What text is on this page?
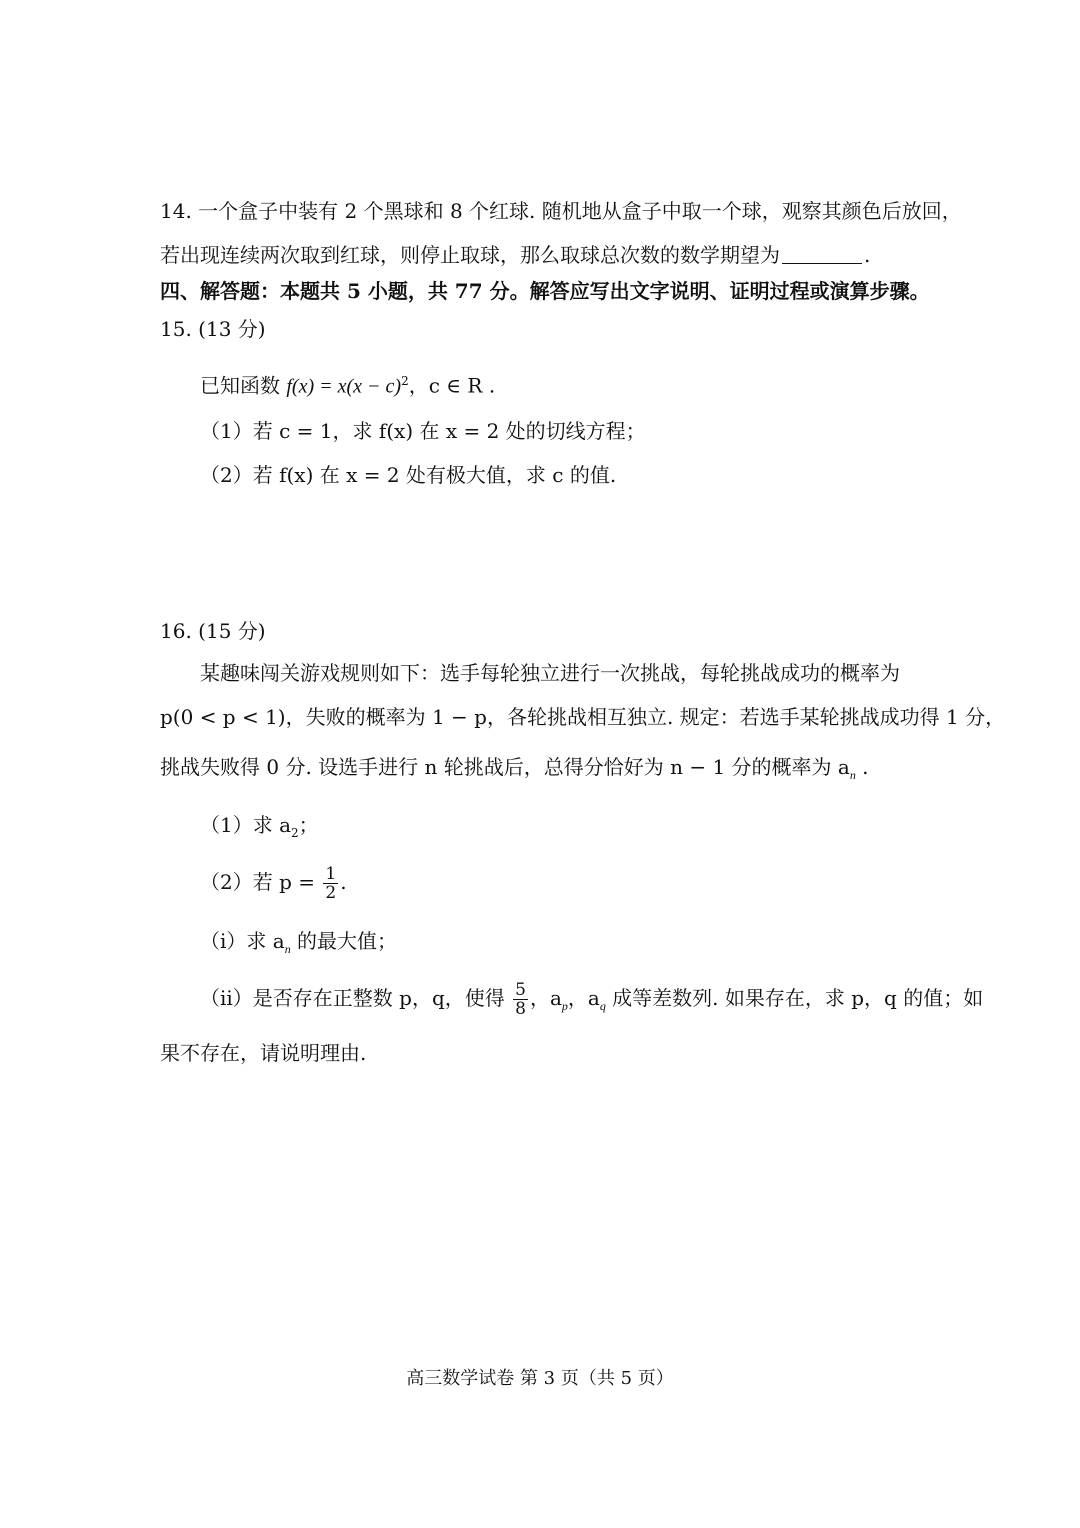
14. 一个盒子中装有 2 个黑球和 8 个红球. 随机地从盒子中取一个球，观察其颜色后放回，
若出现连续两次取到红球，则停止取球，那么取球总次数的数学期望为	.
四、解答题：本题共 5 小题，共 77 分。解答应写出文字说明、证明过程或演算步骤。
15. (13 分)
已知函数 $f(x) = x(x - c)^2$，c ∈ R .
（1）若 c = 1，求 f(x) 在 x = 2 处的切线方程；
（2）若 f(x) 在 x = 2 处有极大值，求 c 的值.
16. (15 分)
某趣味闯关游戏规则如下：选手每轮独立进行一次挑战，每轮挑战成功的概率为
p(0 < p < 1)，失败的概率为 1 − p，各轮挑战相互独立. 规定：若选手某轮挑战成功得 1 分，
挑战失败得 0 分. 设选手进行 n 轮挑战后，总得分恰好为 n − 1 分的概率为 $a_n$ .
（1）求 $a_2$；
（2）若 $p = \frac{1}{2}$ .
（i）求 $a_n$ 的最大值；
（ii）是否存在正整数 p，q，使得 $\frac{5}{8}$ ，$a_p$，$a_q$ 成等差数列. 如果存在，求 p，q 的值；如
果不存在，请说明理由.
高三数学试卷 第 3 页（共 5 页）
